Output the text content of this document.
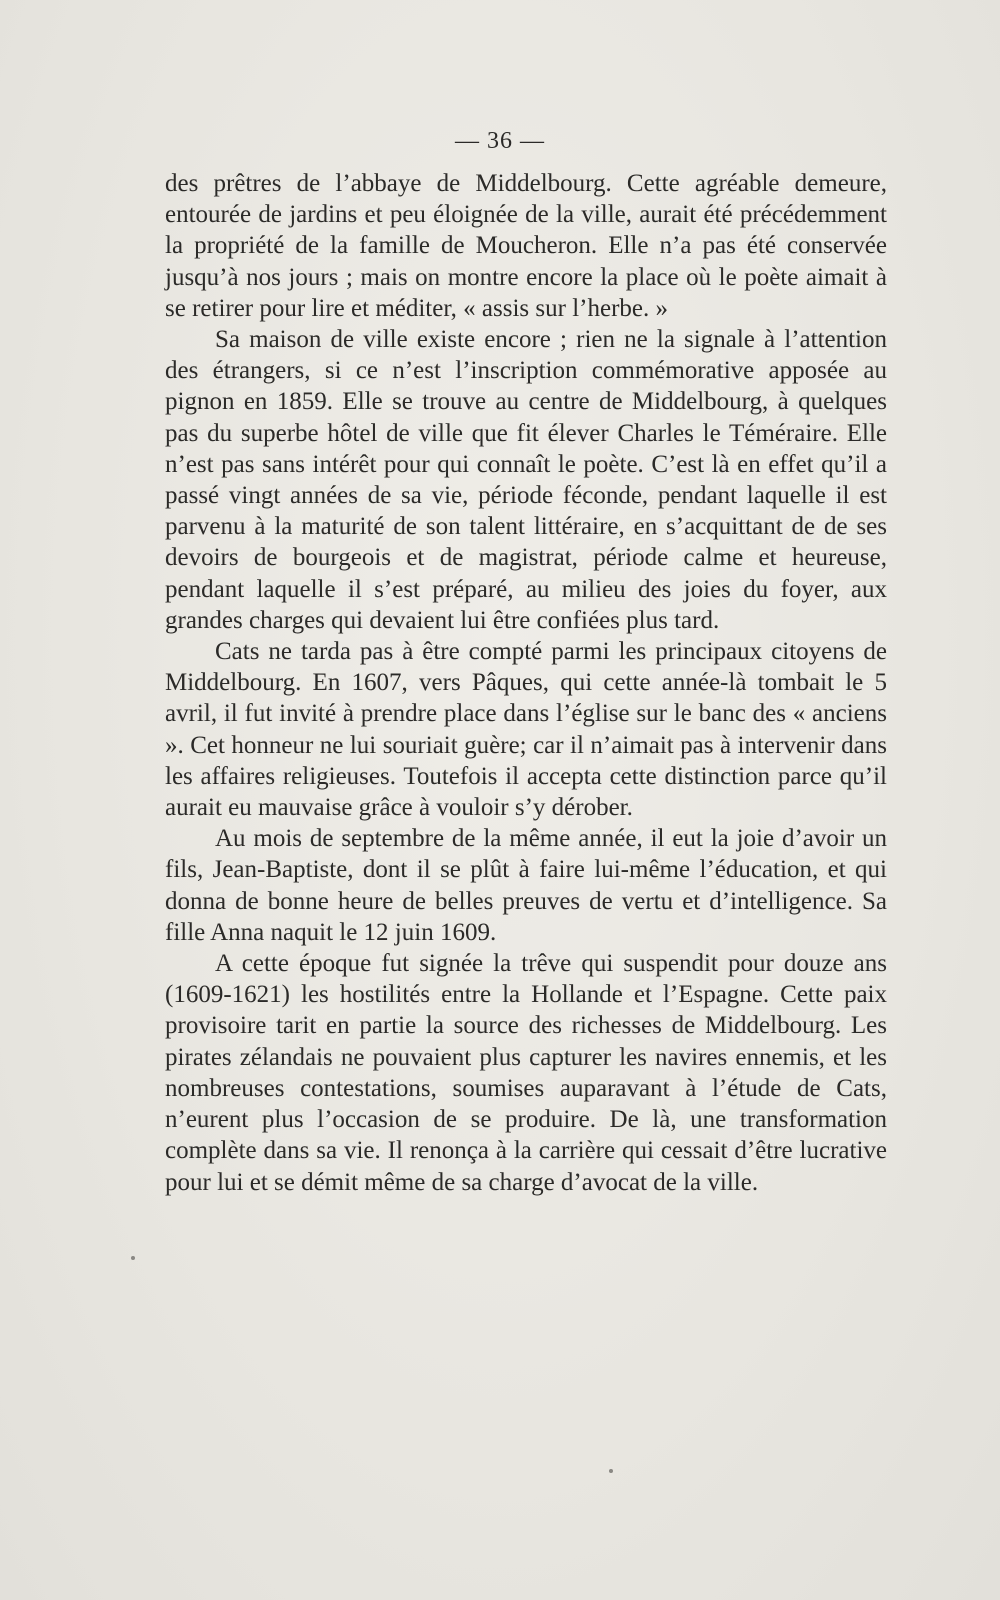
— 36 —

des prêtres de l’abbaye de Middelbourg. Cette agréable demeure, entourée de jardins et peu éloignée de la ville, aurait été précédemment la propriété de la famille de Moucheron. Elle n’a pas été conservée jusqu’à nos jours ; mais on montre encore la place où le poète aimait à se retirer pour lire et méditer, « assis sur l’herbe. »

Sa maison de ville existe encore ; rien ne la signale à l’attention des étrangers, si ce n’est l’inscription commémorative apposée au pignon en 1859. Elle se trouve au centre de Middelbourg, à quelques pas du superbe hôtel de ville que fit élever Charles le Téméraire. Elle n’est pas sans intérêt pour qui connaît le poète. C’est là en effet qu’il a passé vingt années de sa vie, période féconde, pendant laquelle il est parvenu à la maturité de son talent littéraire, en s’acquittant de de ses devoirs de bourgeois et de magistrat, période calme et heureuse, pendant laquelle il s’est préparé, au milieu des joies du foyer, aux grandes charges qui devaient lui être confiées plus tard.

Cats ne tarda pas à être compté parmi les principaux citoyens de Middelbourg. En 1607, vers Pâques, qui cette année-là tombait le 5 avril, il fut invité à prendre place dans l’église sur le banc des « anciens ». Cet honneur ne lui souriait guère; car il n’aimait pas à intervenir dans les affaires religieuses. Toutefois il accepta cette distinction parce qu’il aurait eu mauvaise grâce à vouloir s’y dérober.

Au mois de septembre de la même année, il eut la joie d’avoir un fils, Jean-Baptiste, dont il se plût à faire lui-même l’éducation, et qui donna de bonne heure de belles preuves de vertu et d’intelligence. Sa fille Anna naquit le 12 juin 1609.

A cette époque fut signée la trêve qui suspendit pour douze ans (1609-1621) les hostilités entre la Hollande et l’Espagne. Cette paix provisoire tarit en partie la source des richesses de Middelbourg. Les pirates zélandais ne pouvaient plus capturer les navires ennemis, et les nombreuses contestations, soumises auparavant à l’étude de Cats, n’eurent plus l’occasion de se produire. De là, une transformation complète dans sa vie. Il renonça à la carrière qui cessait d’être lucrative pour lui et se démit même de sa charge d’avocat de la ville.
